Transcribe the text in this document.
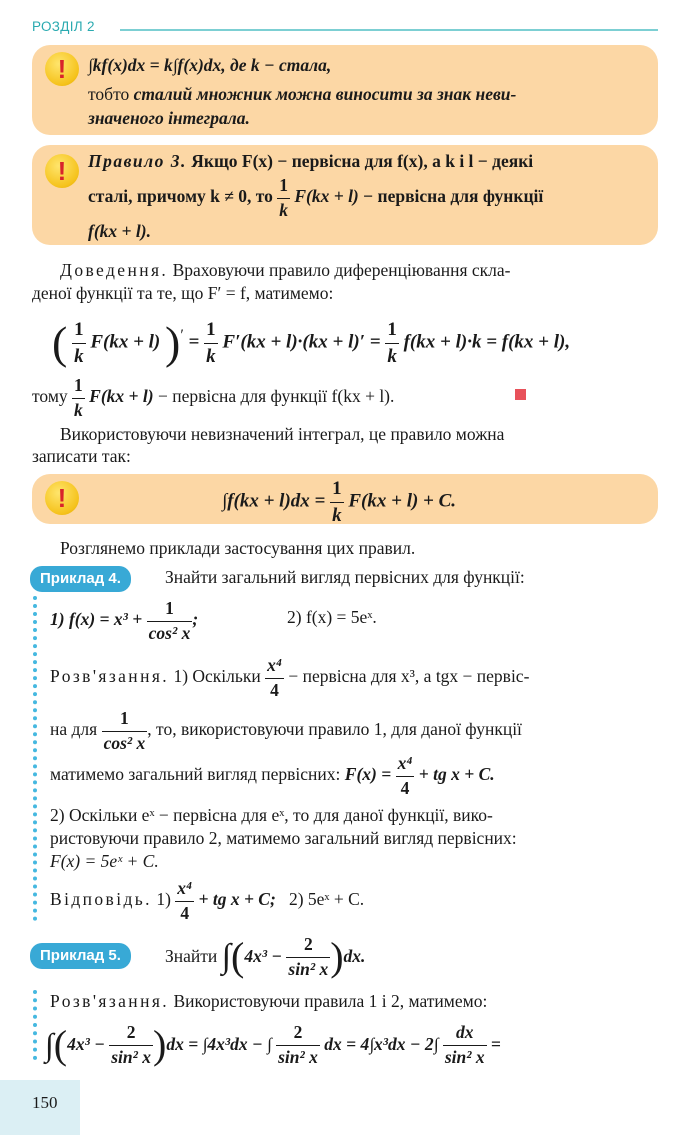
РОЗДІЛ 2
!	∫kf(x)dx = k∫f(x)dx, де k − стала,
тобто сталий множник можна виносити за знак неви-
значеного інтеграла.
!	Правило 3. Якщо F(x) − первісна для f(x), а k і l − деякі
сталі, причому k ≠ 0, то $\frac{1}{k} F(kx + l)$ − первісна для функції
f(kx + l).
Доведення. Враховуючи правило диференціювання скла-
деної функції та те, що F′ = f, матимемо:
( $\frac{1}{k} F(kx + l) )' = \frac{1}{k} F'(kx + l)\cdot(kx + l)' = \frac{1}{k} f(kx + l)\cdot k = f(kx + l)$,
тому $\frac{1}{k} F(kx + l)$ − первісна для функції f(kx + l).
Використовуючи невизначений інтеграл, це правило можна
записати так:
!	$\int f(kx + l)dx = \frac{1}{k} F(kx + l) + C$.
Розглянемо приклади застосування цих правил.
Приклад 4.	Знайти загальний вигляд первісних для функції:
1) $f(x) = x^3 + \frac{1}{\text{cos² x}}$ ;	2) f(x) = 5eˣ.
Розв'язання. 1) Оскільки $\frac{\text{x⁴}}{4}$ − первісна для x³, а tgx − первіс-
на для $\frac{1}{\text{cos² x}}$ , то, використовуючи правило 1, для даної функції
матимемо загальний вигляд первісних: $F(x) = \frac{\text{x⁴}}{4}$ + tg x + C.
2) Оскільки eˣ − первісна для eˣ, то для даної функції, вико-
ристовуючи правило 2, матимемо загальний вигляд первісних:
F(x) = 5eˣ + C.
Відповідь. $1) \frac{\text{x⁴}}{4}$ + tg x + C; 2) 5eˣ + C.
Приклад 5.	Знайти $\int(4x^3 - \frac{2}{\text{sin² x}} )dx$.
Розв'язання. Використовуючи правила 1 і 2, матимемо:
$\int(4x^3 - \frac{2}{\text{sin² x}} )dx = \int 4x^3dx$ − ∫ $\frac{2}{\text{sin² x}}$ dx = $4\int x^3dx - 2\int \frac{dx}{\text{sin² x}}$ =
150
